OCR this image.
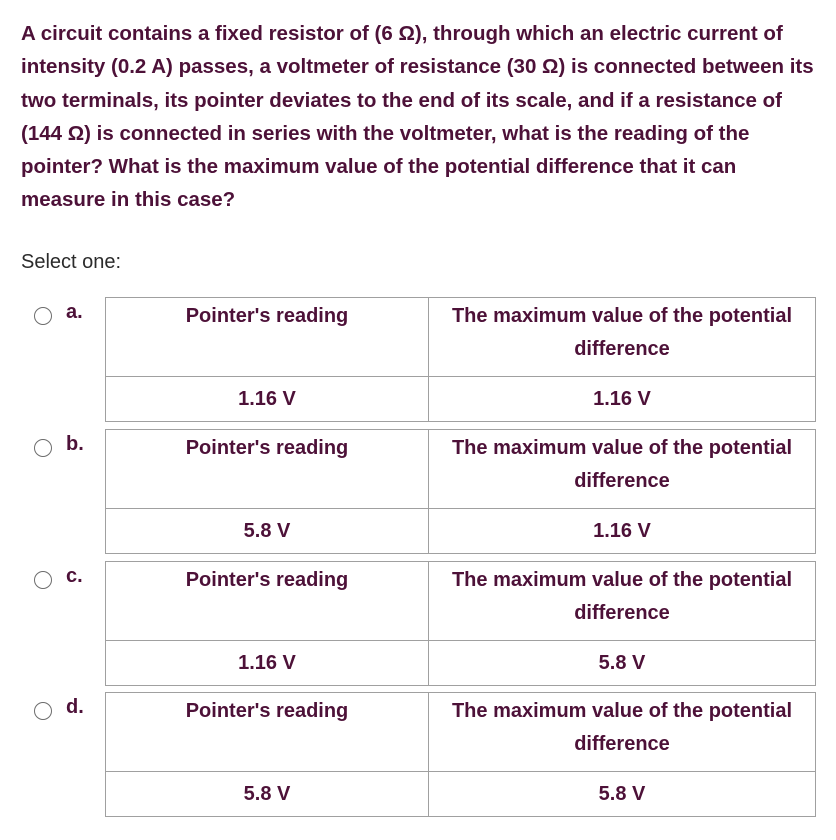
A circuit contains a fixed resistor of (6 Ω), through which an electric current of intensity (0.2 A) passes, a voltmeter of resistance (30 Ω) is connected between its two terminals, its pointer deviates to the end of its scale, and if a resistance of (144 Ω) is connected in series with the voltmeter, what is the reading of the pointer? What is the maximum value of the potential difference that it can measure in this case?

Select one:

a.	Pointer's reading	The maximum value of the potential difference

1.16 V	1.16 V
b.	Pointer's reading	The maximum value of the potential difference

5.8 V	1.16 V
c.	Pointer's reading	The maximum value of the potential difference

1.16 V	5.8 V
d.	Pointer's reading	The maximum value of the potential difference

5.8 V	5.8 V
